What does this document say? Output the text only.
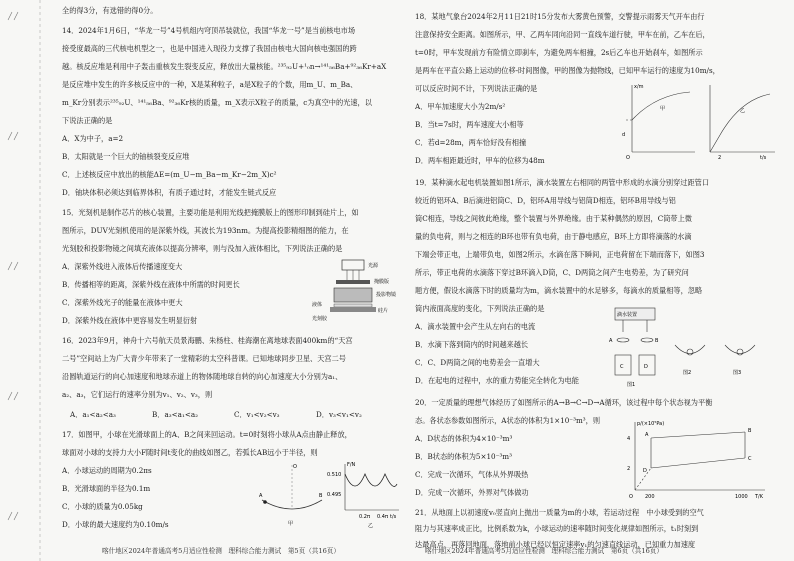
全的得3分，有选错的得0分。
14．2024年1月6日，“华龙一号”4号机组内穹顶吊装就位，我国“华龙一号”是当前核电市场
接受度最高的三代核电机型之一，也是中国进入现役力支撑了我国由核电大国向核电强国的跨
越。核反应堆是利用中子轰击重核发生裂变反应，释放出大量核能。²³⁵₉₂U+¹₀n→¹⁴¹₅₆Ba+⁹²₃₆Kr+aX
是反应堆中发生的许多核反应中的一种，X是某种粒子，a是X粒子的个数，用m_U、m_Ba、
m_Kr分别表示²³⁵₉₂U、¹⁴¹₅₆Ba、⁹²₃₆Kr核的质量，m_X表示X粒子的质量，c为真空中的光速，以
下说法正确的是
A．X为中子，a=2
B．太阳就是一个巨大的铀核裂变反应堆
C．上述核反应中放出的核能ΔE=(m_U−m_Ba−m_Kr−2m_X)c²
D．铀块体积必须达到临界体积，有质子通过时，才能发生链式反应
15．光刻机是制作芯片的核心装置，主要功能是利用光线把掩膜版上的图形印制到硅片上，如
图所示，DUV光刻机使用的是深紫外线，其波长为193nm。为提高投影精细图的能力，在
光刻胶和投影物镜之间填充液体以提高分辨率，则与没加入液体相比，下列说法正确的是
A．深紫外线进入液体后传播速度变大
B．传播相等的距离，深紫外线在液体中所需的时间更长
C．深紫外线光子的能量在液体中更大
D．深紫外线在液体中更容易发生明显衍射
16．2023年9月，神舟十六号航天员景海鹏、朱杨柱、桂海潮在离地球表面400km的“天宫
二号”空间站上为广大青少年带来了一堂精彩的太空科普课。已知地球同步卫星、天宫二号
沿圆轨道运行的向心加速度和地球赤道上的物体随地球自转的向心加速度大小分别为a₁、
a₂、a₃，它们运行的速率分别为v₁、v₂、v₃，则
A．a₁<a₂<a₃	B．a₃<a₁<a₂	C．v₁<v₂<v₃	D．v₃<v₁<v₂
17．如图甲，小球在光滑球面上的A、B之间来回运动。t=0时刻将小球从A点由静止释放，
球面对小球的支持力大小F随时间t变化的曲线如图乙，若弧长AB远小于半径，则
A．小球运动的周期为0.2πs
B．光滑球面的半径为0.1m
C．小球的质量为0.05kg
D．小球的最大速度约为0.10m/s
光源
掩膜版
投影物镜
液体
硅片
光刻胶
A	B
O
甲
F/N
0.510
0.495
t/s
0.2π 0.4π
乙
喀什地区2024年普通高考5月适应性检测　理科综合能力测试　第5页（共16页）
18．某地气象台2024年2月11日21时15分发布大雾黄色预警，交警提示雨雾天气开车由行
注意保持安全距离。如图所示，甲、乙两车同向沿同一直线车道行驶，甲车在前，乙车在后，
t=0时，甲车发现前方有险情立即刹车，为避免两车相撞，2s后乙车也开始刹车，如图所示
是两车在平直公路上运动的位移-时间图像，甲的图像为抛物线，已知甲车运行的速度为10m/s，
可以反应时间不计，下列说法正确的是
A．甲车加速度大小为2m/s²
B．当t=7s时，两车速度大小相等
C．若d=28m，两车恰好没有相撞
D．两车相距最近时，甲车的位移为48m
19．某种滴水起电机装置如图1所示，滴水装置左右相同的两管中形成的水滴分别穿过距管口
较近的铝环A、B后滴进铝筒C、D，铝环A用导线与铝筒D相连，铝环B用导线与铝
筒C相连，导线之间彼此绝缘，整个装置与外界绝缘。由于某种偶然的原因，C筒带上微
量的负电荷，则与之相连的B环也带有负电荷，由于静电感应，B环上方即将滴落的水滴
下端会带正电，上端带负电，如图2所示，水滴在落下瞬间，正电荷留在下端而落下，如图3
所示，带正电荷的水滴落下穿过B环滴入D筒，C、D两筒之间产生电势差，为了研究问
题方便，假设水滴落下时的质量均为m，滴水装置中的水足够多，每滴水的质量相等，忽略
筒内液面高度的变化，下列说法正确的是
A．滴水装置中会产生从左向右的电流
B．水滴下落到筒内的时间越来越长
C．C、D两筒之间的电势差会一直增大
D．在起电的过程中，水的重力势能完全转化为电能
20．一定质量的理想气体经历了如图所示的A→B→C→D→A循环，该过程中每个状态视为平衡
态。各状态参数如图所示，A状态的体积为1×10⁻³m³，则
A．D状态的体积为4×10⁻³m³
B．B状态的体积为5×10⁻³m³
C．完成一次循环，气体从外界吸热
D．完成一次循环，外界对气体做功
21．从地面上以初速度v₀竖直向上抛出一质量为m的小球，若运动过程　中小球受到的空气
阻力与其速率成正比，比例系数为k，小球运动的速率随时间变化规律如图所示，t₁时刻到
达最高点，再落回地面，落地前小球已经以恒定速率v₁的匀速直线运动，已知重力加速度
x/m
甲	乙
d
O	2	t/s
滴水装置
A	B
C	D
图1
图2	图3
p/(×10⁵Pa)
A
B
C
D
4
2
O 200	1000 T/K
喀什地区2024年普通高考5月适应性检测　理科综合能力测试　第6页（共16页）
